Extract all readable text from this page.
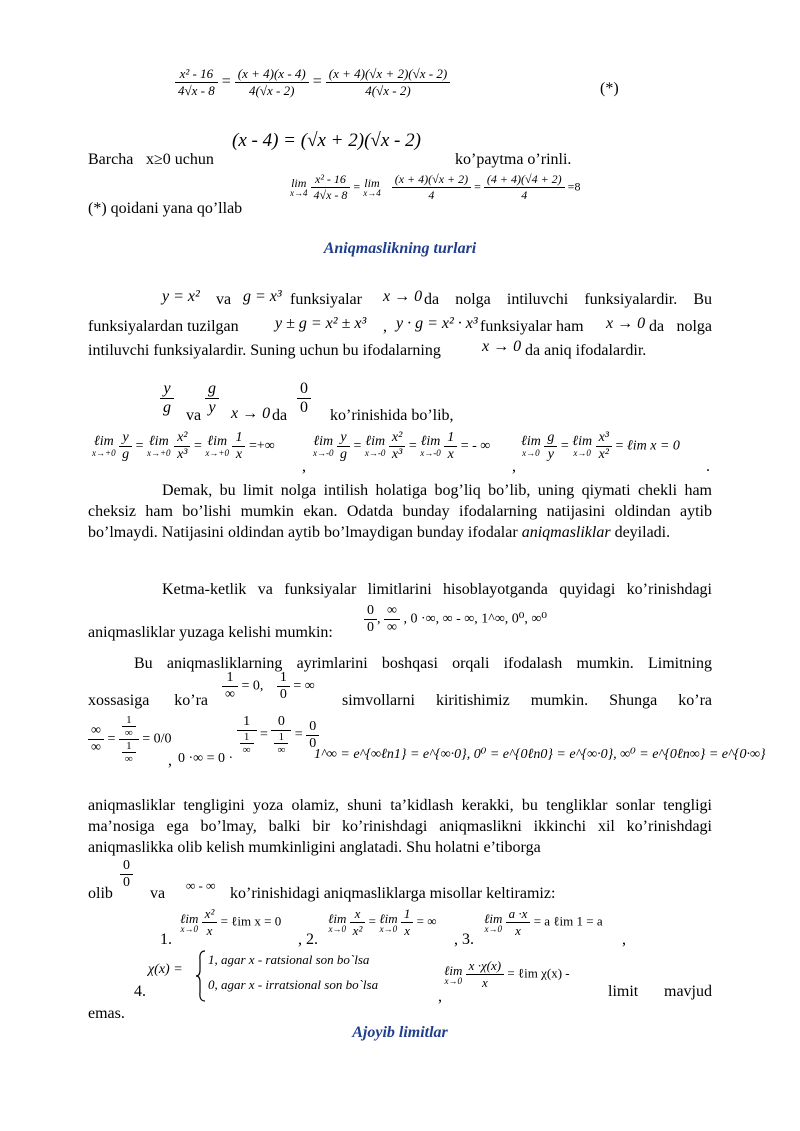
$\frac{\text{x² - 16}}{4√x - 8} = \frac{(x + 4)(x - 4)}{4(√x - 2)} = \frac{(x + 4)(√x + 2)(√x - 2)}{4(√x - 2)}$	(*)
(x - 4) = (√x + 2)(√x - 2)
Barcha x≥0 uchun	ko’paytma o’rinli.
(*) qoidani yana qo’llab
lim
x→4
$\frac{\text{x² - 16}}{4√x - 8} = \lim$
x→4
$\frac{(x + 4)(√x + 2)}{4} = \frac{(4 + 4)(√4 + 2)}{4} =8$
Aniqmaslikning turlari
y = x² va g = x³ funksiyalar x → 0 da nolga intiluvchi funksiyalardir. Bu
funksiyalardan tuzilgan y ± g = x² ± x³ , y · g = x² · x³ funksiyalar ham x → 0 da nolga
intiluvchi funksiyalardir. Suning uchun bu ifodalarning	x → 0 da aniq ifodalardir.
$\frac{y}{g}$ va $\frac{g}{y}$ x → 0 da $\frac{0}{0}$ ko’rinishida bo’lib,
ℓim
x→+0
$\frac{y}{g}$ = ℓim
x→+0
$\frac{\text{x²}}{\text{x³}}$ = ℓim
x→+0
$\frac{1}{x}$ =+∞
,
ℓim
x→-0
$\frac{y}{g}$ = ℓim
x→-0
$\frac{\text{x²}}{\text{x³}}$ = ℓim
x→-0
$\frac{1}{x}$ = - ∞
,
ℓim
x→0
$\frac{g}{y}$ = ℓim
x→0
$\frac{\text{x³}}{\text{x²}}$ = ℓim x = 0
.
Demak, bu limit nolga intilish holatiga bog’liq bo’lib, uning qiymati chekli ham cheksiz ham bo’lishi mumkin ekan. Odatda bunday ifodalarning natijasini oldindan aytib bo’lmaydi. Natijasini oldindan aytib bo’lmaydigan bunday ifodalar aniqmasliklar deyiladi.
Ketma-ketlik va funksiyalar limitlarini hisoblayotganda quyidagi ko’rinishdagi
aniqmasliklar yuzaga kelishi mumkin: $\frac{0}{0}$ ,
∞
∞
, 0 ·∞, ∞ - ∞, 1^∞, 0⁰, ∞⁰
Bu aniqmasliklarning ayrimlarini boshqasi orqali ifodalash mumkin. Limitning
xossasiga ko’ra
1
∞
= 0, $\frac{1}{0}$ = ∞
simvollarni kiritishimiz mumkin. Shunga ko’ra
∞
∞
= 1
∞
1
∞ = 0/0
, 0 ·∞ = 0 ·
1
1
∞ = 0
1
∞ = $\frac{0}{0}$
1^∞ = e^{∞ℓn1} = e^{∞·0}, 0⁰ = e^{0ℓn0} = e^{∞·0}, ∞⁰ = e^{0ℓn∞} = e^{0·∞}
aniqmasliklar tengligini yoza olamiz, shuni ta’kidlash kerakki, bu tengliklar sonlar tengligi ma’nosiga ega bo’lmay, balki bir ko’rinishdagi aniqmaslikni ikkinchi xil ko’rinishdagi aniqmaslikka olib kelish mumkinligini anglatadi. Shu holatni e’tiborga
olib
$\frac{0}{0}$
va ∞ - ∞ ko’rinishidagi aniqmasliklarga misollar keltiramiz:
1.
ℓim
x→0
$\frac{\text{x²}}{x}$ = ℓim x = 0
, 2.
ℓim
x→0
$\frac{x}{\text{x²}}$ = ℓim
x→0
$\frac{1}{x}$ = ∞
, 3.
ℓim
x→0
$\frac{a \cdot x}{x} = a$ ℓim 1 = a
,
4.
χ(x) =
1, agar x - ratsional son bo`lsa
0, agar x - irratsional son bo`lsa
,
ℓim
x→0
$\frac{x \cdot\chi(x)}{x}$ = ℓim χ(x) -
limit mavjud
emas.
Ajoyib limitlar
